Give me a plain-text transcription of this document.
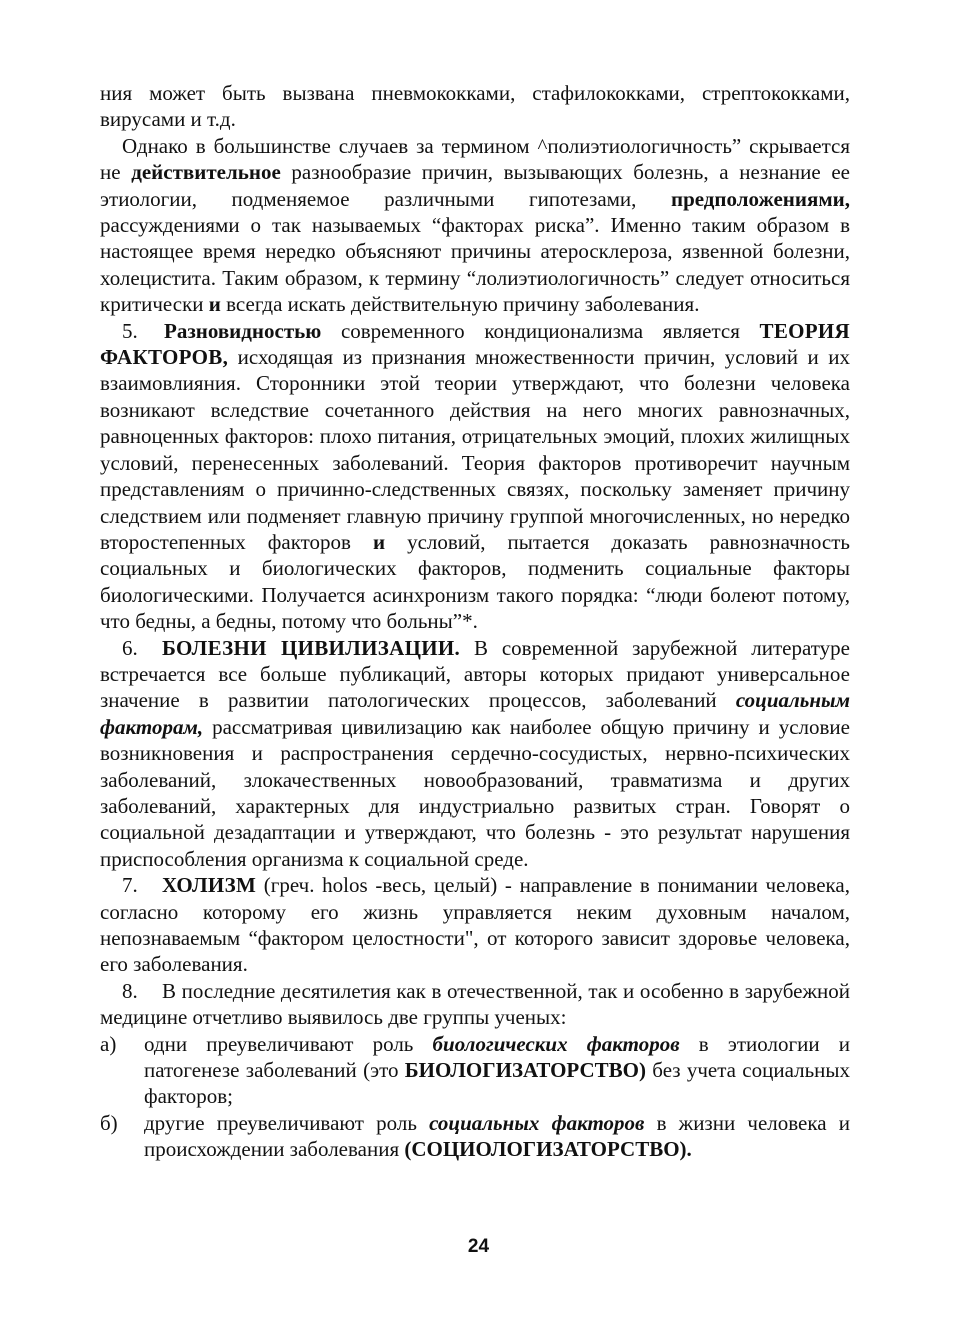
ния может быть вызвана пневмококками, стафилококками, стрептококками, вирусами и т.д.

Однако в большинстве случаев за термином ^полиэтиологичность” скрывается не действительное разнообразие причин, вызывающих болезнь, а незнание ее этиологии, подменяемое различными гипотезами, предположениями, рассуждениями о так называемых “факторах риска”. Именно таким образом в настоящее время нередко объясняют причины атеросклероза, язвенной болезни, холецистита. Таким образом, к термину “лолиэтиологичность” следует относиться критически и всегда искать действительную причину заболевания.

5. Разновидностью современного кондиционализма является ТЕОРИЯ ФАКТОРОВ, исходящая из признания множественности причин, условий и их взаимовлияния. Сторонники этой теории утверждают, что болезни человека возникают вследствие сочетанного действия на него многих равнозначных, равноценных факторов: плохо питания, отрицательных эмоций, плохих жилищных условий, перенесенных заболеваний. Теория факторов противоречит научным представлениям о причинно-следственных связях, поскольку заменяет причину следствием или подменяет главную причину группой многочисленных, но нередко второстепенных факторов и условий, пытается доказать равнозначность социальных и биологических факторов, подменить социальные факторы биологическими. Получается асинхронизм такого порядка: “люди болеют потому, что бедны, а бедны, потому что больны”*.

6. БОЛЕЗНИ ЦИВИЛИЗАЦИИ. В современной зарубежной литературе встречается все больше публикаций, авторы которых придают универсальное значение в развитии патологических процессов, заболеваний социальным факторам, рассматривая цивилизацию как наиболее общую причину и условие возникновения и распространения сердечно-сосудистых, нервно-психических заболеваний, злокачественных новообразований, травматизма и других заболеваний, характерных для индустриально развитых стран. Говорят о социальной дезадаптации и утверждают, что болезнь - это результат нарушения приспособления организма к социальной среде.

7. ХОЛИЗМ (греч. holos -весь, целый) - направление в понимании человека, согласно которому его жизнь управляется неким духовным началом, непознаваемым “фактором целостности", от которого зависит здоровье человека, его заболевания.

8. В последние десятилетия как в отечественной, так и особенно в зарубежной медицине отчетливо выявилось две группы ученых:

а) одни преувеличивают роль биологических факторов в этиологии и патогенезе заболеваний (это БИОЛОГИЗАТОРСТВО) без учета социальных факторов;

б) другие преувеличивают роль социальных факторов в жизни человека и происхождении заболевания (СОЦИОЛОГИЗАТОРСТВО).

24
